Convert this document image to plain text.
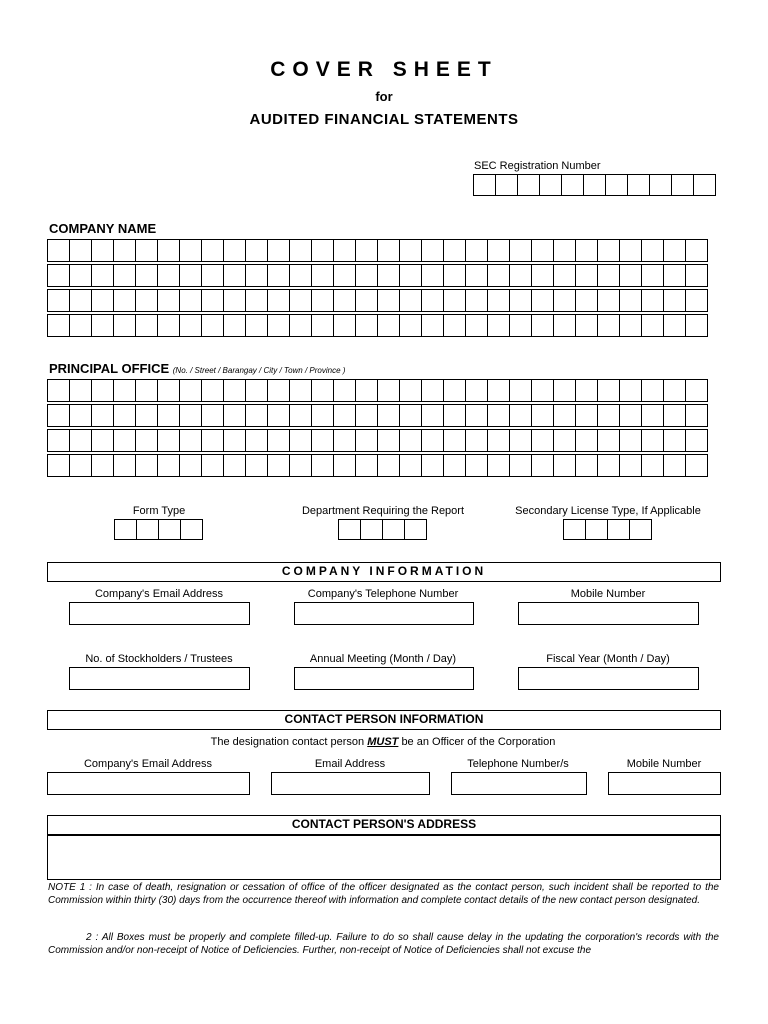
COVER SHEET
for
AUDITED FINANCIAL STATEMENTS
SEC Registration Number
COMPANY NAME
PRINCIPAL OFFICE (No. / Street / Barangay / City / Town / Province )
Form Type	Department Requiring the Report	Secondary License Type, If Applicable
COMPANY INFORMATION
Company's Email Address	Company's Telephone Number	Mobile Number
No. of Stockholders / Trustees	Annual Meeting (Month / Day)	Fiscal Year (Month / Day)
CONTACT PERSON INFORMATION
The designation contact person MUST be an Officer of the Corporation
Company's Email Address	Email Address	Telephone Number/s	Mobile Number
CONTACT PERSON'S ADDRESS
NOTE 1 : In case of death, resignation or cessation of office of the officer designated as the contact person, such incident shall be reported to the Commission within thirty (30) days from the occurrence thereof with information and complete contact details of the new contact person designated.
2 : All Boxes must be properly and complete filled-up. Failure to do so shall cause delay in the updating the corporation's records with the Commission and/or non-receipt of Notice of Deficiencies. Further, non-receipt of Notice of Deficiencies shall not excuse the
